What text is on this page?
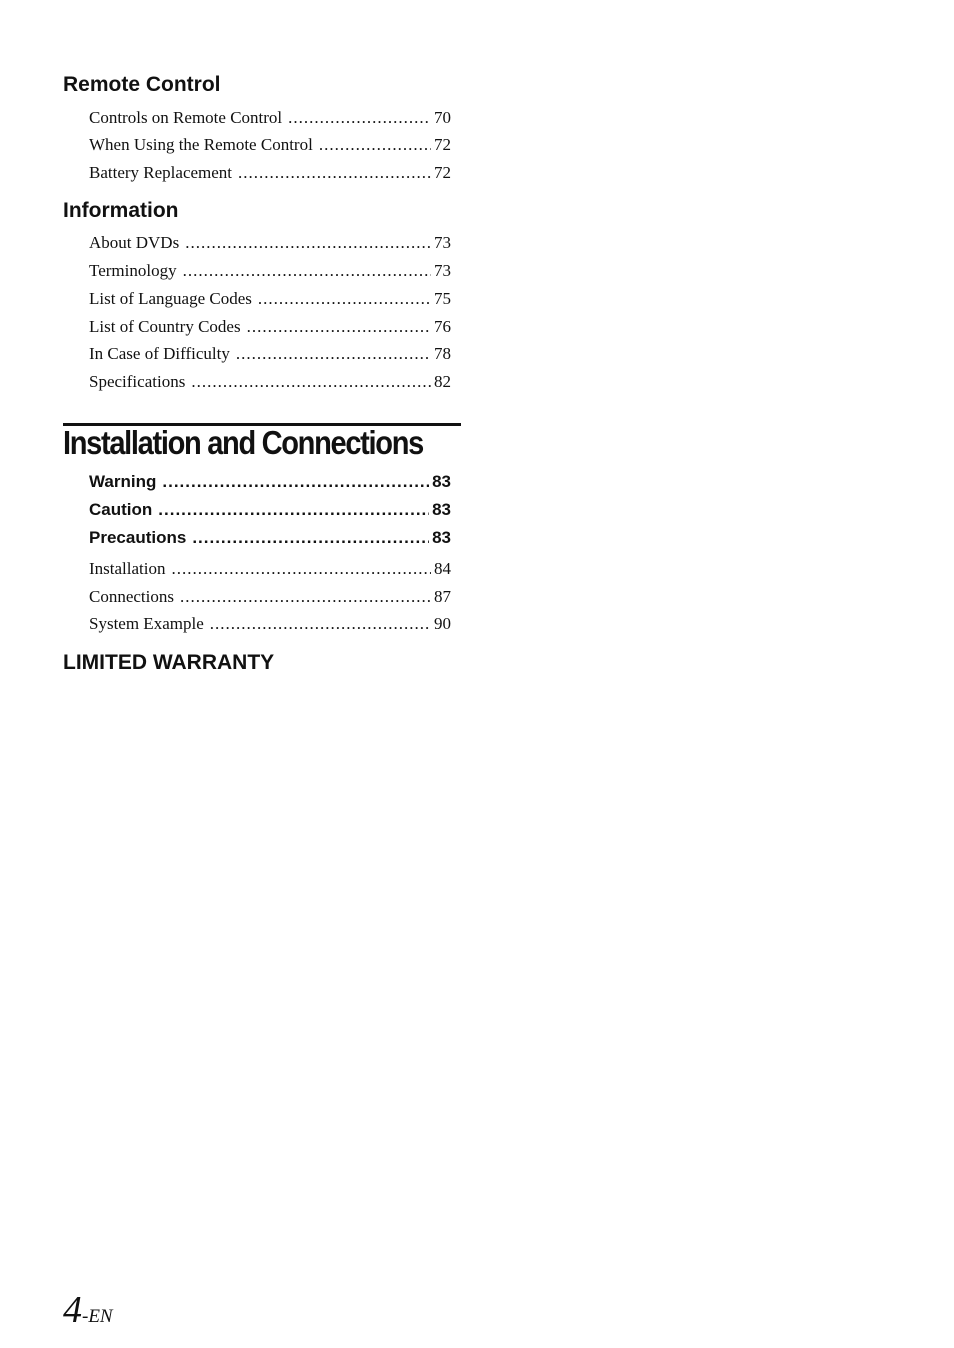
Remote Control
Controls on Remote Control .....	70
When Using the Remote Control .....	72
Battery Replacement .....	72
Information
About DVDs .....	73
Terminology .....	73
List of Language Codes .....	75
List of Country Codes .....	76
In Case of Difficulty .....	78
Specifications .....	82
Installation and Connections
Warning .....	83
Caution .....	83
Precautions .....	83
Installation .....	84
Connections .....	87
System Example .....	90
LIMITED WARRANTY
4-EN
